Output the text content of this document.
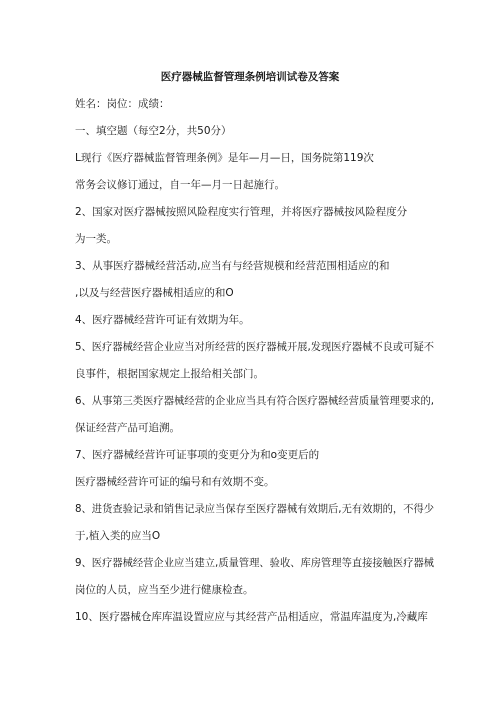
医疗器械监督管理条例培训试卷及答案
姓名：岗位：成绩：
一、填空题（每空2分，共50分）
L现行《医疗器械监督管理条例》是年—月—日，国务院第119次
常务会议修订通过，自一年—月一日起施行。
2、国家对医疗器械按照风险程度实行管理，并将医疗器械按风险程度分
为一类。
3、从事医疗器械经营活动,应当有与经营规模和经营范围相适应的和
,以及与经营医疗器械相适应的和O
4、医疗器械经营许可证有效期为年。
5、医疗器械经营企业应当对所经营的医疗器械开展,发现医疗器械不良或可疑不
良事件，根据国家规定上报给相关部门。
6、从事第三类医疗器械经营的企业应当具有符合医疗器械经营质量管理要求的,
保证经营产品可追溯。
7、医疗器械经营许可证事项的变更分为和o变更后的
医疗器械经营许可证的编号和有效期不变。
8、进货查验记录和销售记录应当保存至医疗器械有效期后,无有效期的，不得少
于,植入类的应当O
9、医疗器械经营企业应当建立,质量管理、验收、库房管理等直接接触医疗器械
岗位的人员，应当至少进行健康检查。
10、医疗器械仓库库温设置应应与其经营产品相适应，常温库温度为,冷藏库
